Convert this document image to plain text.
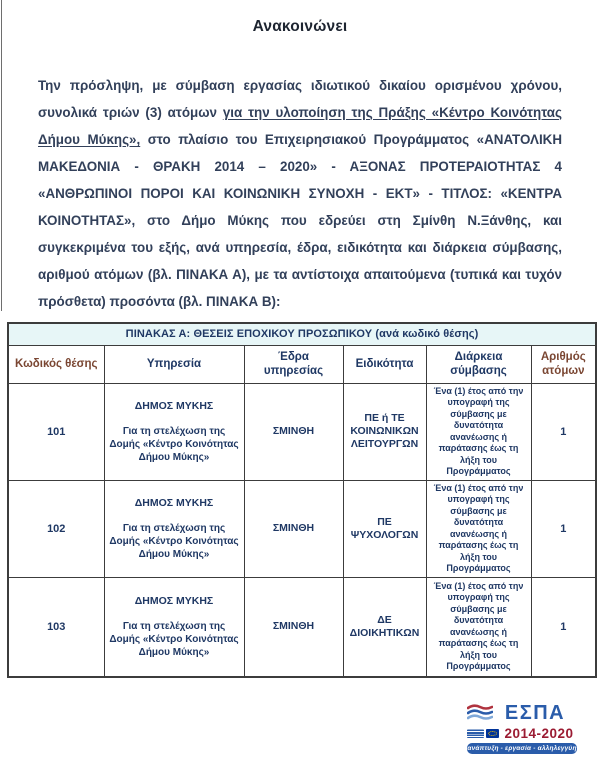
Ανακοινώνει

Την πρόσληψη, με σύμβαση εργασίας ιδιωτικού δικαίου ορισμένου χρόνου, συνολικά τριών (3) ατόμων για την υλοποίηση της Πράξης «Κέντρο Κοινότητας Δήμου Μύκης», στο πλαίσιο του Επιχειρησιακού Προγράμματος «ΑΝΑΤΟΛΙΚΗ ΜΑΚΕΔΟΝΙΑ - ΘΡΑΚΗ 2014 – 2020» - ΑΞΟΝΑΣ ΠΡΟΤΕΡΑΙΟΤΗΤΑΣ 4 «ΑΝΘΡΩΠΙΝΟΙ ΠΟΡΟΙ ΚΑΙ ΚΟΙΝΩΝΙΚΗ ΣΥΝΟΧΗ - ΕΚΤ» - ΤΙΤΛΟΣ: «ΚΕΝΤΡΑ ΚΟΙΝΟΤΗΤΑΣ», στο Δήμο Μύκης που εδρεύει στη Σμίνθη Ν.Ξάνθης, και συγκεκριμένα του εξής, ανά υπηρεσία, έδρα, ειδικότητα και διάρκεια σύμβασης, αριθμού ατόμων (βλ. ΠΙΝΑΚΑ Α), με τα αντίστοιχα απαιτούμενα (τυπικά και τυχόν πρόσθετα) προσόντα (βλ. ΠΙΝΑΚΑ Β):

ΠΙΝΑΚΑΣ Α: ΘΕΣΕΙΣ ΕΠΟΧΙΚΟΥ ΠΡΟΣΩΠΙΚΟΥ (ανά κωδικό θέσης)					
Κωδικός θέσης	Υπηρεσία	Έδρα υπηρεσίας	Ειδικότητα	Διάρκεια σύμβασης	Αριθμός ατόμων
101	ΔΗΜΟΣ ΜΥΚΗΣ
Για τη στελέχωση της Δομής «Κέντρο Κοινότητας Δήμου Μύκης»	ΣΜΙΝΘΗ	ΠΕ ή ΤΕ ΚΟΙΝΩΝΙΚΩΝ ΛΕΙΤΟΥΡΓΩΝ	Ένα (1) έτος από την υπογραφή της σύμβασης με δυνατότητα ανανέωσης ή παράτασης έως τη λήξη του Προγράμματος	1
102	ΔΗΜΟΣ ΜΥΚΗΣ
Για τη στελέχωση της Δομής «Κέντρο Κοινότητας Δήμου Μύκης»	ΣΜΙΝΘΗ	ΠΕ ΨΥΧΟΛΟΓΩΝ	Ένα (1) έτος από την υπογραφή της σύμβασης με δυνατότητα ανανέωσης ή παράτασης έως τη λήξη του Προγράμματος	1
103	ΔΗΜΟΣ ΜΥΚΗΣ
Για τη στελέχωση της Δομής «Κέντρο Κοινότητας Δήμου Μύκης»	ΣΜΙΝΘΗ	ΔΕ ΔΙΟΙΚΗΤΙΚΩΝ	Ένα (1) έτος από την υπογραφή της σύμβασης με δυνατότητα ανανέωσης ή παράτασης έως τη λήξη του Προγράμματος	1
ΕΣΠΑ
2014-2020
ανάπτυξη - εργασία - αλληλεγγύη
